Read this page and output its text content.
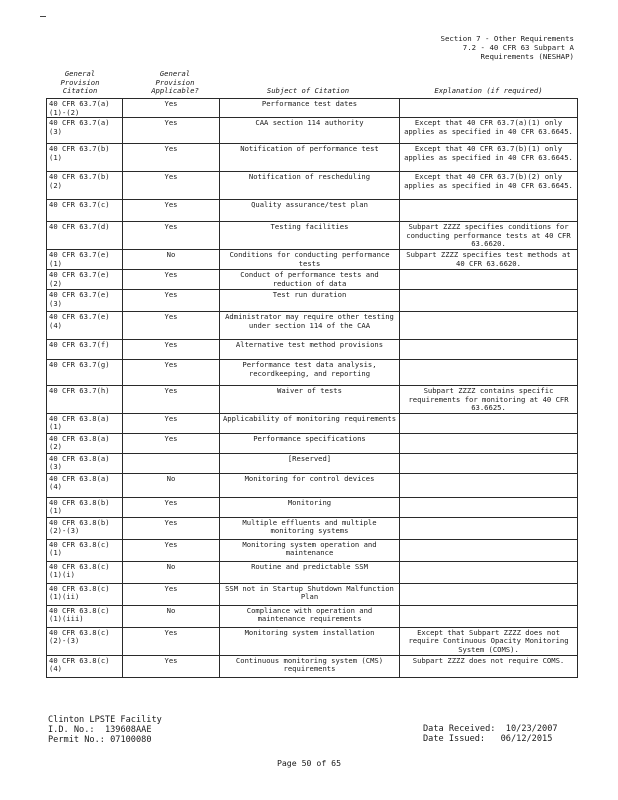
Section 7 - Other Requirements
7.2 - 40 CFR 63 Subpart A
Requirements (NESHAP)
General
Provision
Citation
General
Provision
Applicable?	Subject of Citation	Explanation (if required)
40 CFR 63.7(a)(1)-(2)	Yes	Performance test dates	
40 CFR 63.7(a)(3)	Yes	CAA section 114 authority	Except that 40 CFR 63.7(a)(1) only applies as specified in 40 CFR 63.6645.
40 CFR 63.7(b)(1)	Yes	Notification of performance test	Except that 40 CFR 63.7(b)(1) only applies as specified in 40 CFR 63.6645.
40 CFR 63.7(b)(2)	Yes	Notification of rescheduling	Except that 40 CFR 63.7(b)(2) only applies as specified in 40 CFR 63.6645.
40 CFR 63.7(c)	Yes	Quality assurance/test plan	
40 CFR 63.7(d)	Yes	Testing facilities	Subpart ZZZZ specifies conditions for conducting performance tests at 40 CFR 63.6620.
40 CFR 63.7(e)(1)	No	Conditions for conducting performance tests	Subpart ZZZZ specifies test methods at 40 CFR 63.6620.
40 CFR 63.7(e)(2)	Yes	Conduct of performance tests and reduction of data	
40 CFR 63.7(e)(3)	Yes	Test run duration	
40 CFR 63.7(e)(4)	Yes	Administrator may require other testing under section 114 of the CAA	
40 CFR 63.7(f)	Yes	Alternative test method provisions	
40 CFR 63.7(g)	Yes	Performance test data analysis, recordkeeping, and reporting	
40 CFR 63.7(h)	Yes	Waiver of tests	Subpart ZZZZ contains specific requirements for monitoring at 40 CFR 63.6625.
40 CFR 63.8(a)(1)	Yes	Applicability of monitoring requirements	
40 CFR 63.8(a)(2)	Yes	Performance specifications	
40 CFR 63.8(a)(3)		[Reserved]	
40 CFR 63.8(a)(4)	No	Monitoring for control devices	
40 CFR 63.8(b)(1)	Yes	Monitoring	
40 CFR 63.8(b)(2)-(3)	Yes	Multiple effluents and multiple monitoring systems	
40 CFR 63.8(c)(1)	Yes	Monitoring system operation and maintenance	
40 CFR 63.8(c)(1)(i)	No	Routine and predictable SSM	
40 CFR 63.8(c)(1)(ii)	Yes	SSM not in Startup Shutdown Malfunction Plan	
40 CFR 63.8(c)(1)(iii)	No	Compliance with operation and maintenance requirements	
40 CFR 63.8(c)(2)-(3)	Yes	Monitoring system installation	Except that Subpart ZZZZ does not require Continuous Opacity Monitoring System (COMS).
40 CFR 63.8(c)(4)	Yes	Continuous monitoring system (CMS) requirements	Subpart ZZZZ does not require COMS.
Clinton LPSTE Facility
I.D. No.: 139608AAE
Permit No.: 07100080
Data Received: 10/23/2007
Date Issued: 06/12/2015
Page 50 of 65
